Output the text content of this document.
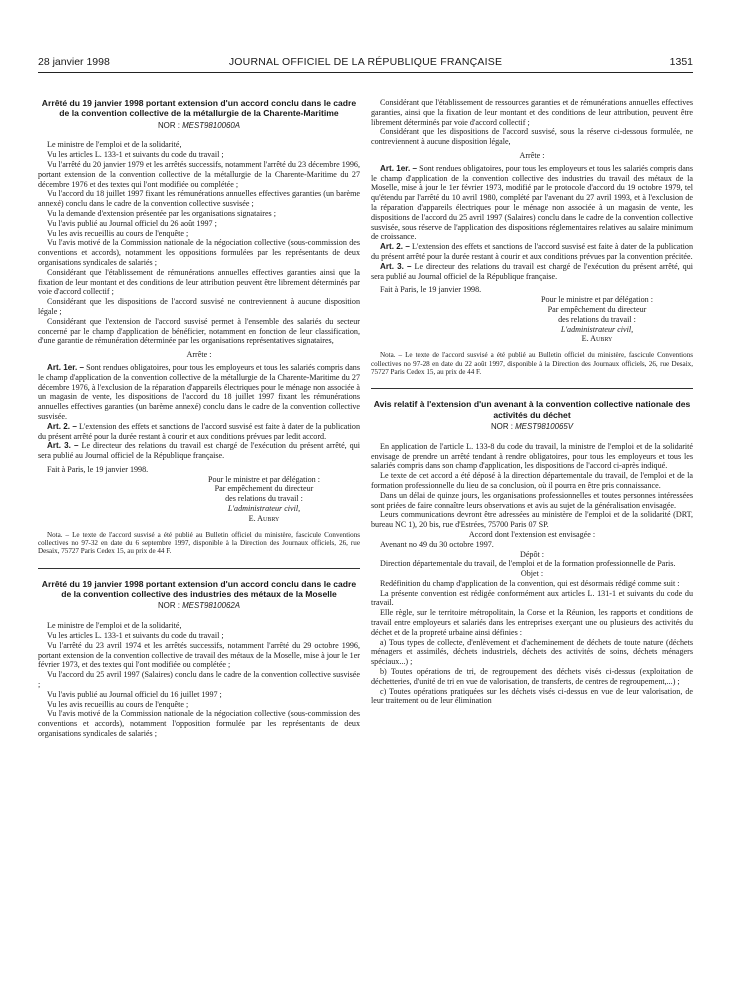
28 janvier 1998	JOURNAL OFFICIEL DE LA RÉPUBLIQUE FRANÇAISE	1351
Arrêté du 19 janvier 1998 portant extension d'un accord conclu dans le cadre de la convention collective de la métallurgie de la Charente-Maritime
NOR : MEST9810060A

Le ministre de l'emploi et de la solidarité,

Vu les articles L. 133-1 et suivants du code du travail ;

Vu l'arrêté du 20 janvier 1979 et les arrêtés successifs, notamment l'arrêté du 23 décembre 1996, portant extension de la convention collective de la métallurgie de la Charente-Maritime du 27 décembre 1976 et des textes qui l'ont modifiée ou complétée ;

Vu l'accord du 18 juillet 1997 fixant les rémunérations annuelles effectives garanties (un barème annexé) conclu dans le cadre de la convention collective susvisée ;

Vu la demande d'extension présentée par les organisations signataires ;

Vu l'avis publié au Journal officiel du 26 août 1997 ;

Vu les avis recueillis au cours de l'enquête ;

Vu l'avis motivé de la Commission nationale de la négociation collective (sous-commission des conventions et accords), notamment les oppositions formulées par les représentants de deux organisations syndicales de salariés ;

Considérant que l'établissement de rémunérations annuelles effectives garanties ainsi que la fixation de leur montant et des conditions de leur attribution peuvent être librement déterminés par voie d'accord collectif ;

Considérant que les dispositions de l'accord susvisé ne contreviennent à aucune disposition légale ;

Considérant que l'extension de l'accord susvisé permet à l'ensemble des salariés du secteur concerné par le champ d'application de bénéficier, notamment en fonction de leur classification, d'une garantie de rémunération déterminée par les organisations représentatives signataires,

Arrête :

Art. 1er. – Sont rendues obligatoires, pour tous les employeurs et tous les salariés compris dans le champ d'application de la convention collective de la métallurgie de la Charente-Maritime du 27 décembre 1976, à l'exclusion de la réparation d'appareils électriques pour le ménage non associée à un magasin de vente, les dispositions de l'accord du 18 juillet 1997 fixant les rémunérations annuelles effectives garanties (un barème annexé) conclu dans le cadre de la convention collective susvisée.

Art. 2. – L'extension des effets et sanctions de l'accord susvisé est faite à dater de la publication du présent arrêté pour la durée restant à courir et aux conditions prévues par ledit accord.

Art. 3. – Le directeur des relations du travail est chargé de l'exécution du présent arrêté, qui sera publié au Journal officiel de la République française.

Fait à Paris, le 19 janvier 1998.

Pour le ministre et par délégation :

Par empêchement du directeur

des relations du travail :

L'administrateur civil,

E. Aubry

Nota. – Le texte de l'accord susvisé a été publié au Bulletin officiel du ministère, fascicule Conventions collectives no 97-32 en date du 6 septembre 1997, disponible à la Direction des Journaux officiels, 26, rue Desaix, 75727 Paris Cedex 15, au prix de 44 F.

Arrêté du 19 janvier 1998 portant extension d'un accord conclu dans le cadre de la convention collective des industries des métaux de la Moselle
NOR : MEST9810062A

Le ministre de l'emploi et de la solidarité,

Vu les articles L. 133-1 et suivants du code du travail ;

Vu l'arrêté du 23 avril 1974 et les arrêtés successifs, notamment l'arrêté du 29 octobre 1996, portant extension de la convention collective de travail des métaux de la Moselle, mise à jour le 1er février 1973, et des textes qui l'ont modifiée ou complétée ;

Vu l'accord du 25 avril 1997 (Salaires) conclu dans le cadre de la convention collective susvisée ;

Vu l'avis publié au Journal officiel du 16 juillet 1997 ;

Vu les avis recueillis au cours de l'enquête ;

Vu l'avis motivé de la Commission nationale de la négociation collective (sous-commission des conventions et accords), notamment l'opposition formulée par les représentants de deux organisations syndicales de salariés ;

Considérant que l'établissement de ressources garanties et de rémunérations annuelles effectives garanties, ainsi que la fixation de leur montant et des conditions de leur attribution, peuvent être librement déterminés par voie d'accord collectif ;

Considérant que les dispositions de l'accord susvisé, sous la réserve ci-dessous formulée, ne contreviennent à aucune disposition légale,

Arrête :

Art. 1er. – Sont rendues obligatoires, pour tous les employeurs et tous les salariés compris dans le champ d'application de la convention collective des industries du travail des métaux de la Moselle, mise à jour le 1er février 1973, modifié par le protocole d'accord du 19 octobre 1979, tel qu'étendu par l'arrêté du 10 avril 1980, complété par l'avenant du 27 avril 1993, et à l'exclusion de la réparation d'appareils électriques pour le ménage non associée à un magasin de vente, les dispositions de l'accord du 25 avril 1997 (Salaires) conclu dans le cadre de la convention collective susvisée, sous réserve de l'application des dispositions réglementaires relatives au salaire minimum de croissance.

Art. 2. – L'extension des effets et sanctions de l'accord susvisé est faite à dater de la publication du présent arrêté pour la durée restant à courir et aux conditions prévues par la convention précitée.

Art. 3. – Le directeur des relations du travail est chargé de l'exécution du présent arrêté, qui sera publié au Journal officiel de la République française.

Fait à Paris, le 19 janvier 1998.

Pour le ministre et par délégation :

Par empêchement du directeur

des relations du travail :

L'administrateur civil,

E. Aubry

Nota. – Le texte de l'accord susvisé a été publié au Bulletin officiel du ministère, fascicule Conventions collectives no 97-28 en date du 22 août 1997, disponible à la Direction des Journaux officiels, 26, rue Desaix, 75727 Paris Cedex 15, au prix de 44 F.

Avis relatif à l'extension d'un avenant à la convention collective nationale des activités du déchet
NOR : MEST9810065V

En application de l'article L. 133-8 du code du travail, la ministre de l'emploi et de la solidarité envisage de prendre un arrêté tendant à rendre obligatoires, pour tous les employeurs et tous les salariés compris dans son champ d'application, les dispositions de l'accord ci-après indiqué.

Le texte de cet accord a été déposé à la direction départementale du travail, de l'emploi et de la formation professionnelle du lieu de sa conclusion, où il pourra en être pris connaissance.

Dans un délai de quinze jours, les organisations professionnelles et toutes personnes intéressées sont priées de faire connaître leurs observations et avis au sujet de la généralisation envisagée.

Leurs communications devront être adressées au ministère de l'emploi et de la solidarité (DRT, bureau NC 1), 20 bis, rue d'Estrées, 75700 Paris 07 SP.

Accord dont l'extension est envisagée :

Avenant no 49 du 30 octobre 1997.

Dépôt :

Direction départementale du travail, de l'emploi et de la formation professionnelle de Paris.

Objet :

Redéfinition du champ d'application de la convention, qui est désormais rédigé comme suit :

La présente convention est rédigée conformément aux articles L. 131-1 et suivants du code du travail.

Elle règle, sur le territoire métropolitain, la Corse et la Réunion, les rapports et conditions de travail entre employeurs et salariés dans les entreprises exerçant une ou plusieurs des activités du déchet et de la propreté urbaine ainsi définies :

a) Tous types de collecte, d'enlèvement et d'acheminement de déchets de toute nature (déchets ménagers et assimilés, déchets industriels, déchets des activités de soins, déchets ménagers spéciaux...) ;

b) Toutes opérations de tri, de regroupement des déchets visés ci-dessus (exploitation de déchetteries, d'unité de tri en vue de valorisation, de transferts, de centres de regroupement,...) ;

c) Toutes opérations pratiquées sur les déchets visés ci-dessus en vue de leur valorisation, de leur traitement ou de leur élimination
